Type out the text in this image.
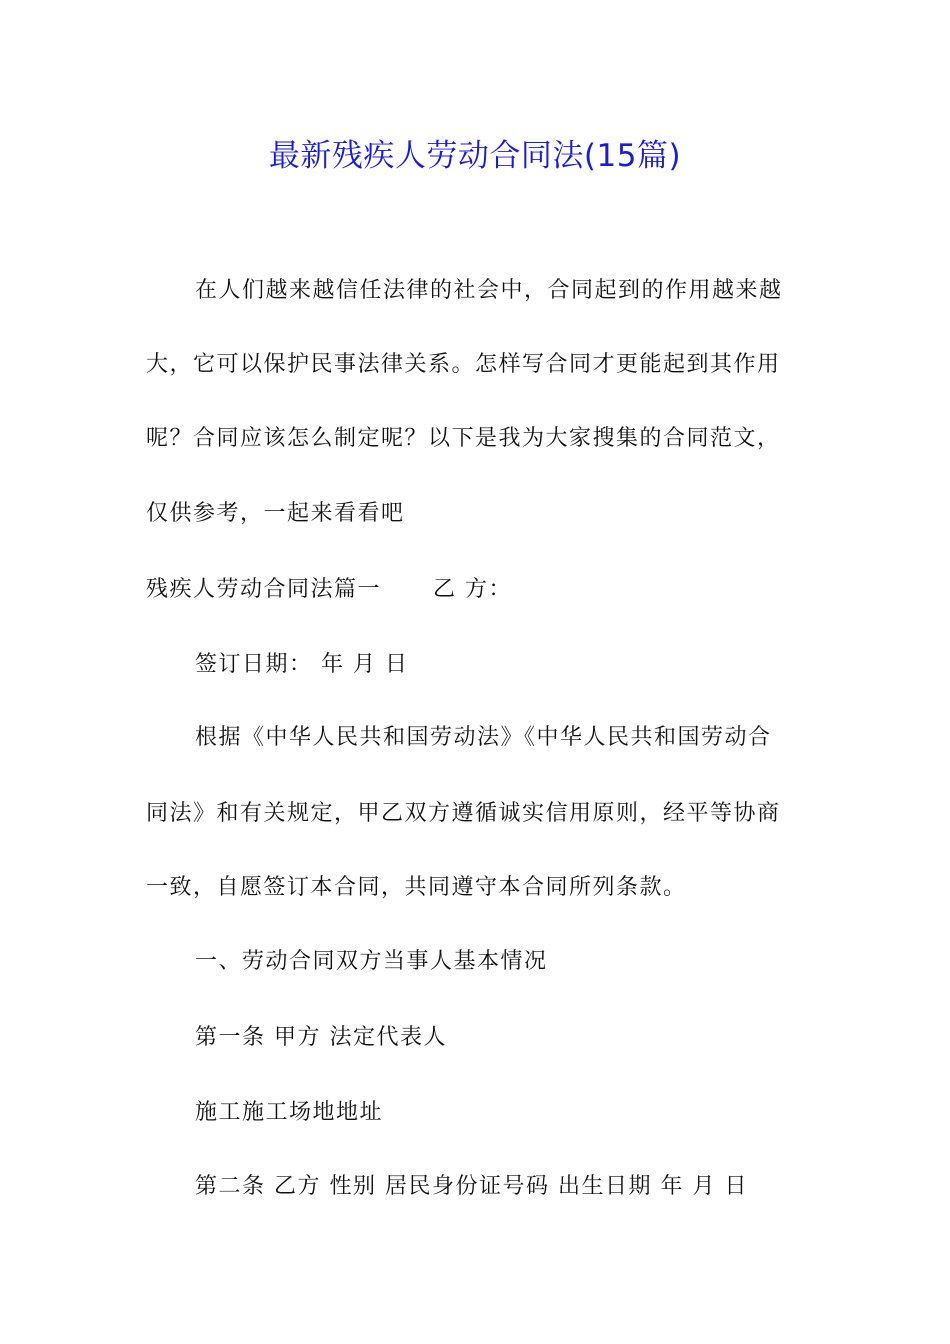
最新残疾人劳动合同法(15篇)
在人们越来越信任法律的社会中，合同起到的作用越来越
大，它可以保护民事法律关系。怎样写合同才更能起到其作用
呢？合同应该怎么制定呢？以下是我为大家搜集的合同范文，
仅供参考，一起来看看吧
残疾人劳动合同法篇一 乙 方：
签订日期： 年 月 日
根据《中华人民共和国劳动法》《中华人民共和国劳动合
同法》和有关规定，甲乙双方遵循诚实信用原则，经平等协商
一致，自愿签订本合同，共同遵守本合同所列条款。
一、劳动合同双方当事人基本情况
第一条 甲方 法定代表人
施工施工场地地址
第二条 乙方 性别 居民身份证号码 出生日期 年 月 日
